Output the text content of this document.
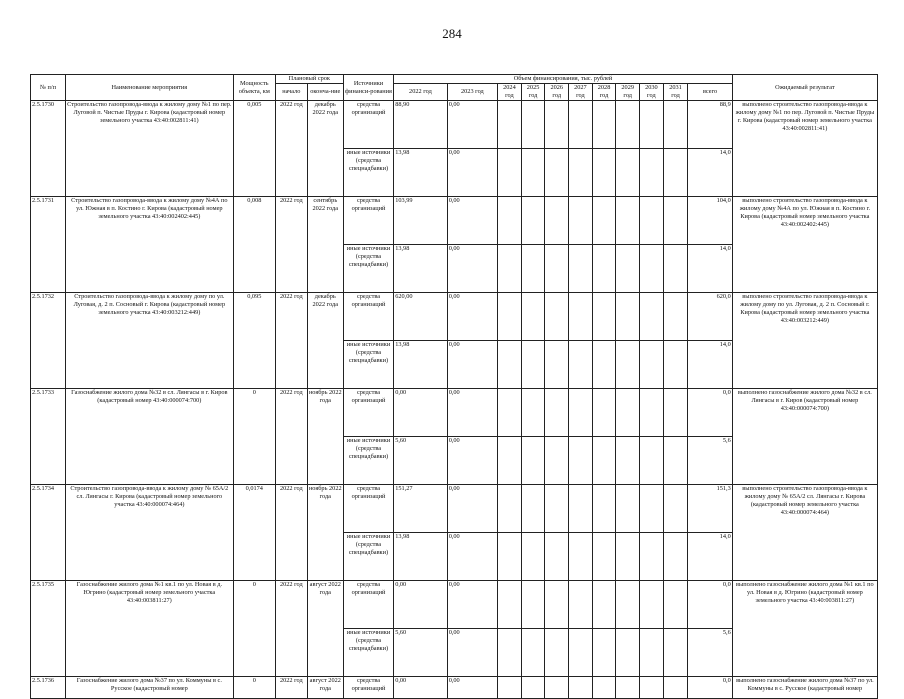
284
№ п/п	Наименование мероприятия	Мощность объекта, км	Плановый срок		Источники финанси-рования	Объем финансирования, тыс. рублей											Ожидаемый результат
			начало	оконча-ние		2022 год	2023 год	2024 год	2025 год	2026 год	2027 год	2028 год	2029 год	2030 год	2031 год	всего	
2.5.1730	Строительство газопровода-ввода к жилому дому №1 по пер. Луговой п. Чистые Пруды г. Кирова (кадастровый номер земельного участка 43:40:002811:41)	0,005	2022 год	декабрь 2022 года	средства организаций	88,90	0,00									88,9	выполнено строительство газопровода-ввода к жилому дому №1 по пер. Луговой п. Чистые Пруды г. Кирова (кадастровый номер земельного участка 43:40:002811:41)
					иные источники (средства спецнадбавки)	13,98	0,00									14,0	
2.5.1731	Строительство газопровода-ввода к жилому дому №4А по ул. Южная в п. Костино г. Кирова (кадастровый номер земельного участка 43:40:002402:445)	0,008	2022 год	сентябрь 2022 года	средства организаций	103,99	0,00									104,0	выполнено строительство газопровода-ввода к жилому дому №4А по ул. Южная в п. Костино г. Кирова (кадастровый номер земельного участка 43:40:002402:445)
					иные источники (средства спецнадбавки)	13,98	0,00									14,0	
2.5.1732	Строительство газопровода-ввода к жилому дому по ул. Луговая, д. 2 п. Сосновый г. Кирова (кадастровый номер земельного участка 43:40:003212:449)	0,095	2022 год	декабрь 2022 года	средства организаций	620,00	0,00									620,0	выполнено строительство газопровода-ввода к жилому дому по ул. Луговая, д. 2 п. Сосновый г. Кирова (кадастровый номер земельного участка 43:40:003212:449)
					иные источники (средства спецнадбавки)	13,98	0,00									14,0	
2.5.1733	Газоснабжение жилого дома №32 в сл. Лянгасы в г. Киров (кадастровый номер 43:40:000074:700)	0	2022 год	ноябрь 2022 года	средства организаций	0,00	0,00									0,0	выполнено газоснабжение жилого дома №32 в сл. Лянгасы в г. Киров (кадастровый номер 43:40:000074:700)
					иные источники (средства спецнадбавки)	5,60	0,00									5,6	
2.5.1734	Строительство газопровода-ввода к жилому дому № 65А/2 сл. Лянгасы г. Кирова (кадастровый номер земельного участка 43:40:000074:464)	0,0174	2022 год	ноябрь 2022 года	средства организаций	151,27	0,00									151,3	выполнено строительство газопровода-ввода к жилому дому № 65А/2 сл. Лянгасы г. Кирова (кадастровый номер земельного участка 43:40:000074:464)
					иные источники (средства спецнадбавки)	13,98	0,00									14,0	
2.5.1735	Газоснабжение жилого дома №1 кв.1 по ул. Новая в д. Югрино (кадастровый номер земельного участка 43:40:003811:27)	0	2022 год	август 2022 года	средства организаций	0,00	0,00									0,0	выполнено газоснабжение жилого дома №1 кв.1 по ул. Новая в д. Югрино (кадастровый номер земельного участка 43:40:003811:27)
					иные источники (средства спецнадбавки)	5,60	0,00									5,6	
2.5.1736	Газоснабжение жилого дома №37 по ул. Коммуны в с. Русское (кадастровый номер	0	2022 год	август 2022 года	средства организаций	0,00	0,00									0,0	выполнено газоснабжение жилого дома №37 по ул. Коммуны в с. Русское (кадастровый номер
